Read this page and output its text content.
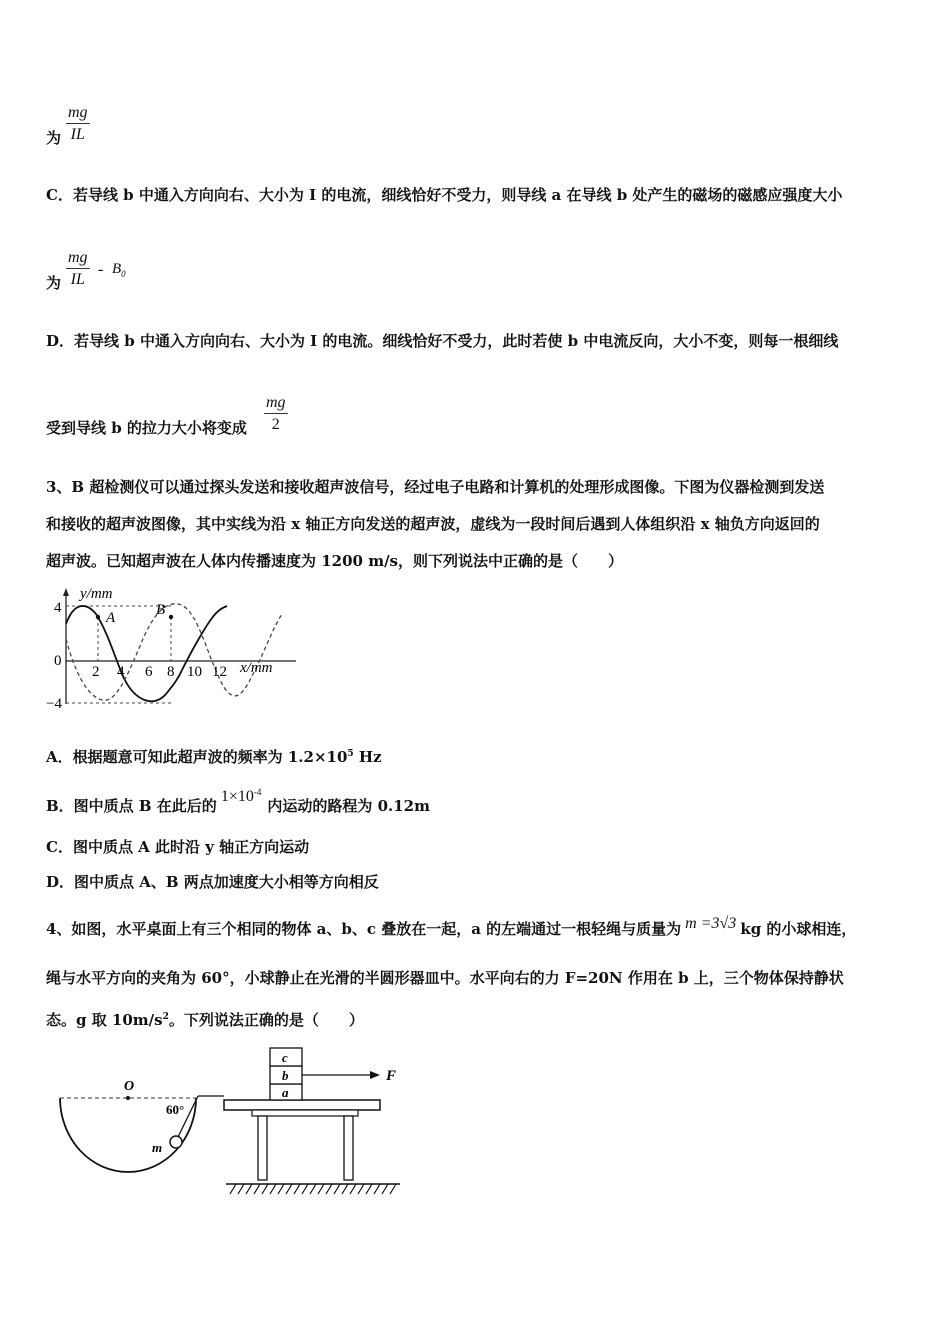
为 $\frac{mg}{IL}$
C．若导线 b 中通入方向向右、大小为 I 的电流，细线恰好不受力，则导线 a 在导线 b 处产生的磁场的磁感应强度大小
为 $\frac{mg}{IL} - B_0$
D．若导线 b 中通入方向向右、大小为 I 的电流。细线恰好不受力，此时若使 b 中电流反向，大小不变，则每一根细线
受到导线 b 的拉力大小将变成 $\frac{mg}{2}$
3、B 超检测仪可以通过探头发送和接收超声波信号，经过电子电路和计算机的处理形成图像。下图为仪器检测到发送
和接收的超声波图像，其中实线为沿 x 轴正方向发送的超声波，虚线为一段时间后遇到人体组织沿 x 轴负方向返回的
超声波。已知超声波在人体内传播速度为 1200 m/s，则下列说法中正确的是（　　）
y/mm
x/mm
4
0
−4
2 4 6 8 10 12
A	B
A．根据题意可知此超声波的频率为 $1.2\times 10^5$ Hz
B．图中质点 B 在此后的$1\times 10^{-4}$内运动的路程为 0.12m
C．图中质点 A 此时沿 y 轴正方向运动
D．图中质点 A、B 两点加速度大小相等方向相反
4、如图，水平桌面上有三个相同的物体 a、b、c 叠放在一起，a 的左端通过一根轻绳与质量为 m =3√3 kg 的小球相连，
绳与水平方向的夹角为 60°，小球静止在光滑的半圆形器皿中。水平向右的力 F=20N 作用在 b 上，三个物体保持静状
态。g 取 $10m/s^2$。下列说法正确的是（　　）
O
60°
m
c
b
a
F
